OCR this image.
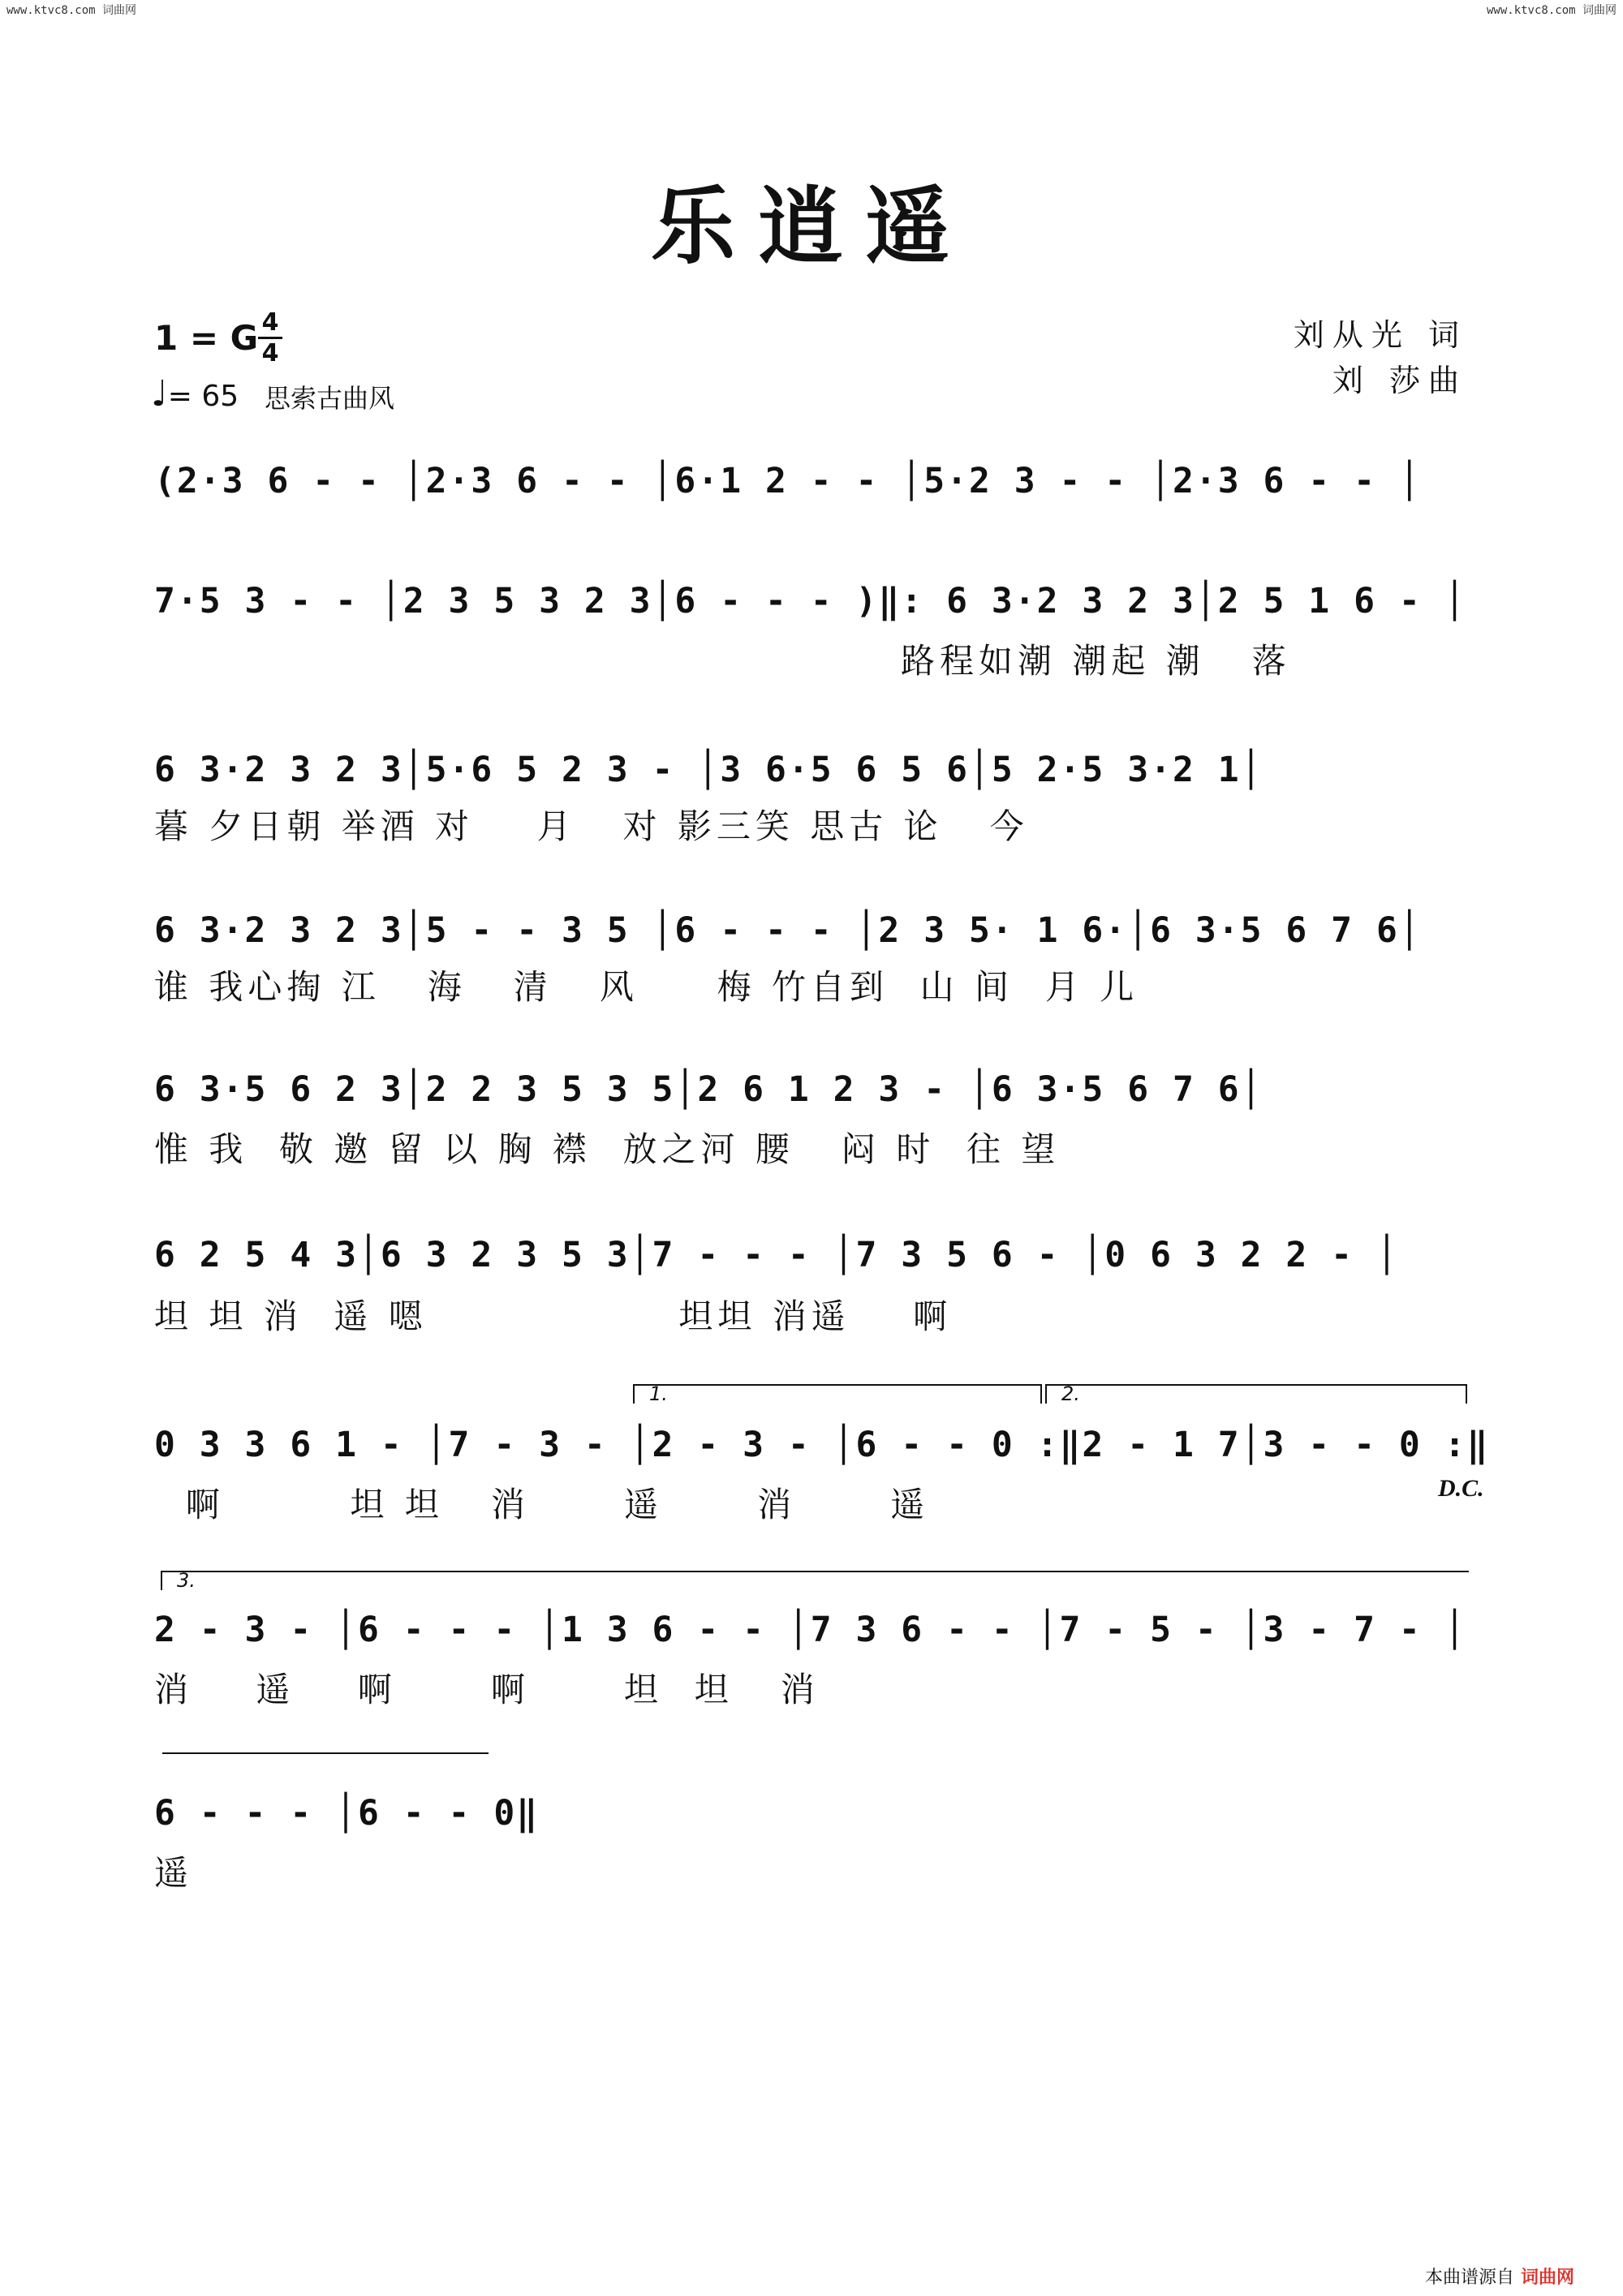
www.ktvc8.com 词曲网	www.ktvc8.com 词曲网
乐逍遥
1 = G 4
4
♩= 65 思索古曲风
刘从光 词
刘 莎曲
(2·3 6 - - │2·3 6 - - │6·1 2 - - │5·2 3 - - │2·3 6 - - │
7·5 3 - - │2 3 5 3 2 3│6 - - - )‖: 6 3·2 3 2 3│2 5 1 6 - │
路程如潮 潮起 潮   落
6 3·2 3 2 3│5·6 5 2 3 - │3 6·5 6 5 6│5 2·5 3·2 1│
暮 夕日朝 举酒 对    月   对 影三笑 思古 论   今
6 3·2 3 2 3│5 - - 3 5 │6 - - - │2 3 5· 1 6·│6 3·5 6 7 6│
谁 我心掏 江   海   清   风     梅 竹自到  山 间  月 儿
6 3·5 6 2 3│2 2 3 5 3 5│2 6 1 2 3 - │6 3·5 6 7 6│
惟 我  敬 邀 留 以 胸 襟  放之河 腰   闷 时  往 望
6 2 5 4 3│6 3 2 3 5 3│7 - - - │7 3 5 6 - │0 6 3 2 2 - │
坦 坦 消  遥 嗯                坦坦 消遥    啊
1.	2.
0 3 3 6 1 - │7 - 3 - │2 - 3 - │6 - - 0 :‖2 - 1 7│3 - - 0 :‖
啊        坦 坦   消      遥      消      遥	D.C.
3.
2 - 3 - │6 - - - │1 3 6 - - │7 3 6 - - │7 - 5 - │3 - 7 - │
消    遥    啊      啊      坦  坦   消
6 - - - │6 - - 0‖
遥
本曲谱源自 词曲网
